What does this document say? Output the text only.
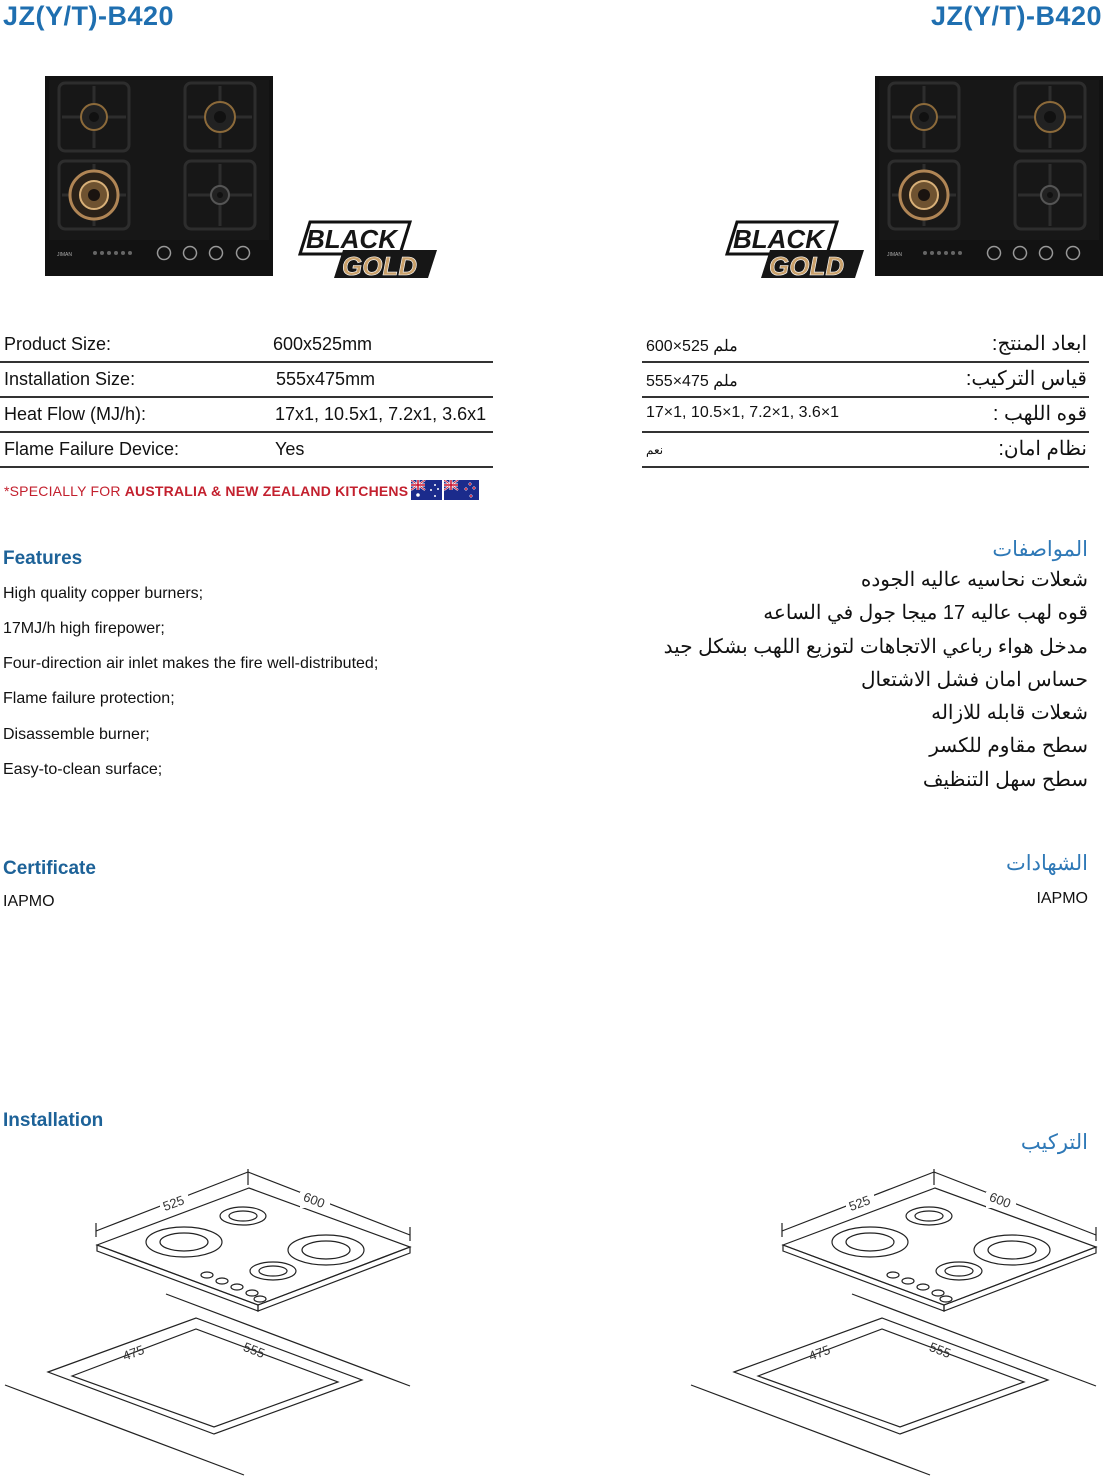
JZ(Y/T)-B420	JZ(Y/T)-B420
JIMAN
BLACK
GOLD
BLACK
GOLD	JIMAN
Product Size:	600x525mm
Installation Size:	555x475mm
Heat Flow (MJ/h):	17x1, 10.5x1, 7.2x1, 3.6x1
Flame Failure Device:	Yes
*SPECIALLY FOR AUSTRALIA & NEW ZEALAND KITCHENS
ابعاد المنتج:
600×525 ملم
قياس التركيب:
555×475 ملم
قوه اللهب :
17×1, 10.5×1, 7.2×1, 3.6×1
نظام امان:
نعم
Features
High quality copper burners;
17MJ/h high firepower;
Four-direction air inlet makes the fire well-distributed;
Flame failure protection;
Disassemble burner;
Easy-to-clean surface;
المواصفات
شعلات نحاسيه عاليه الجوده
قوه لهب عاليه 17 ميجا جول في الساعه
مدخل هواء رباعي الاتجاهات لتوزيع اللهب بشكل جيد
حساس امان فشل الاشتعال
شعلات قابله للازاله
سطح مقاوم للكسر
سطح سهل التنظيف
Certificate
IAPMO
الشهادات
IAPMO
Installation
التركيب
525	600
475	555
525	600
475	555
